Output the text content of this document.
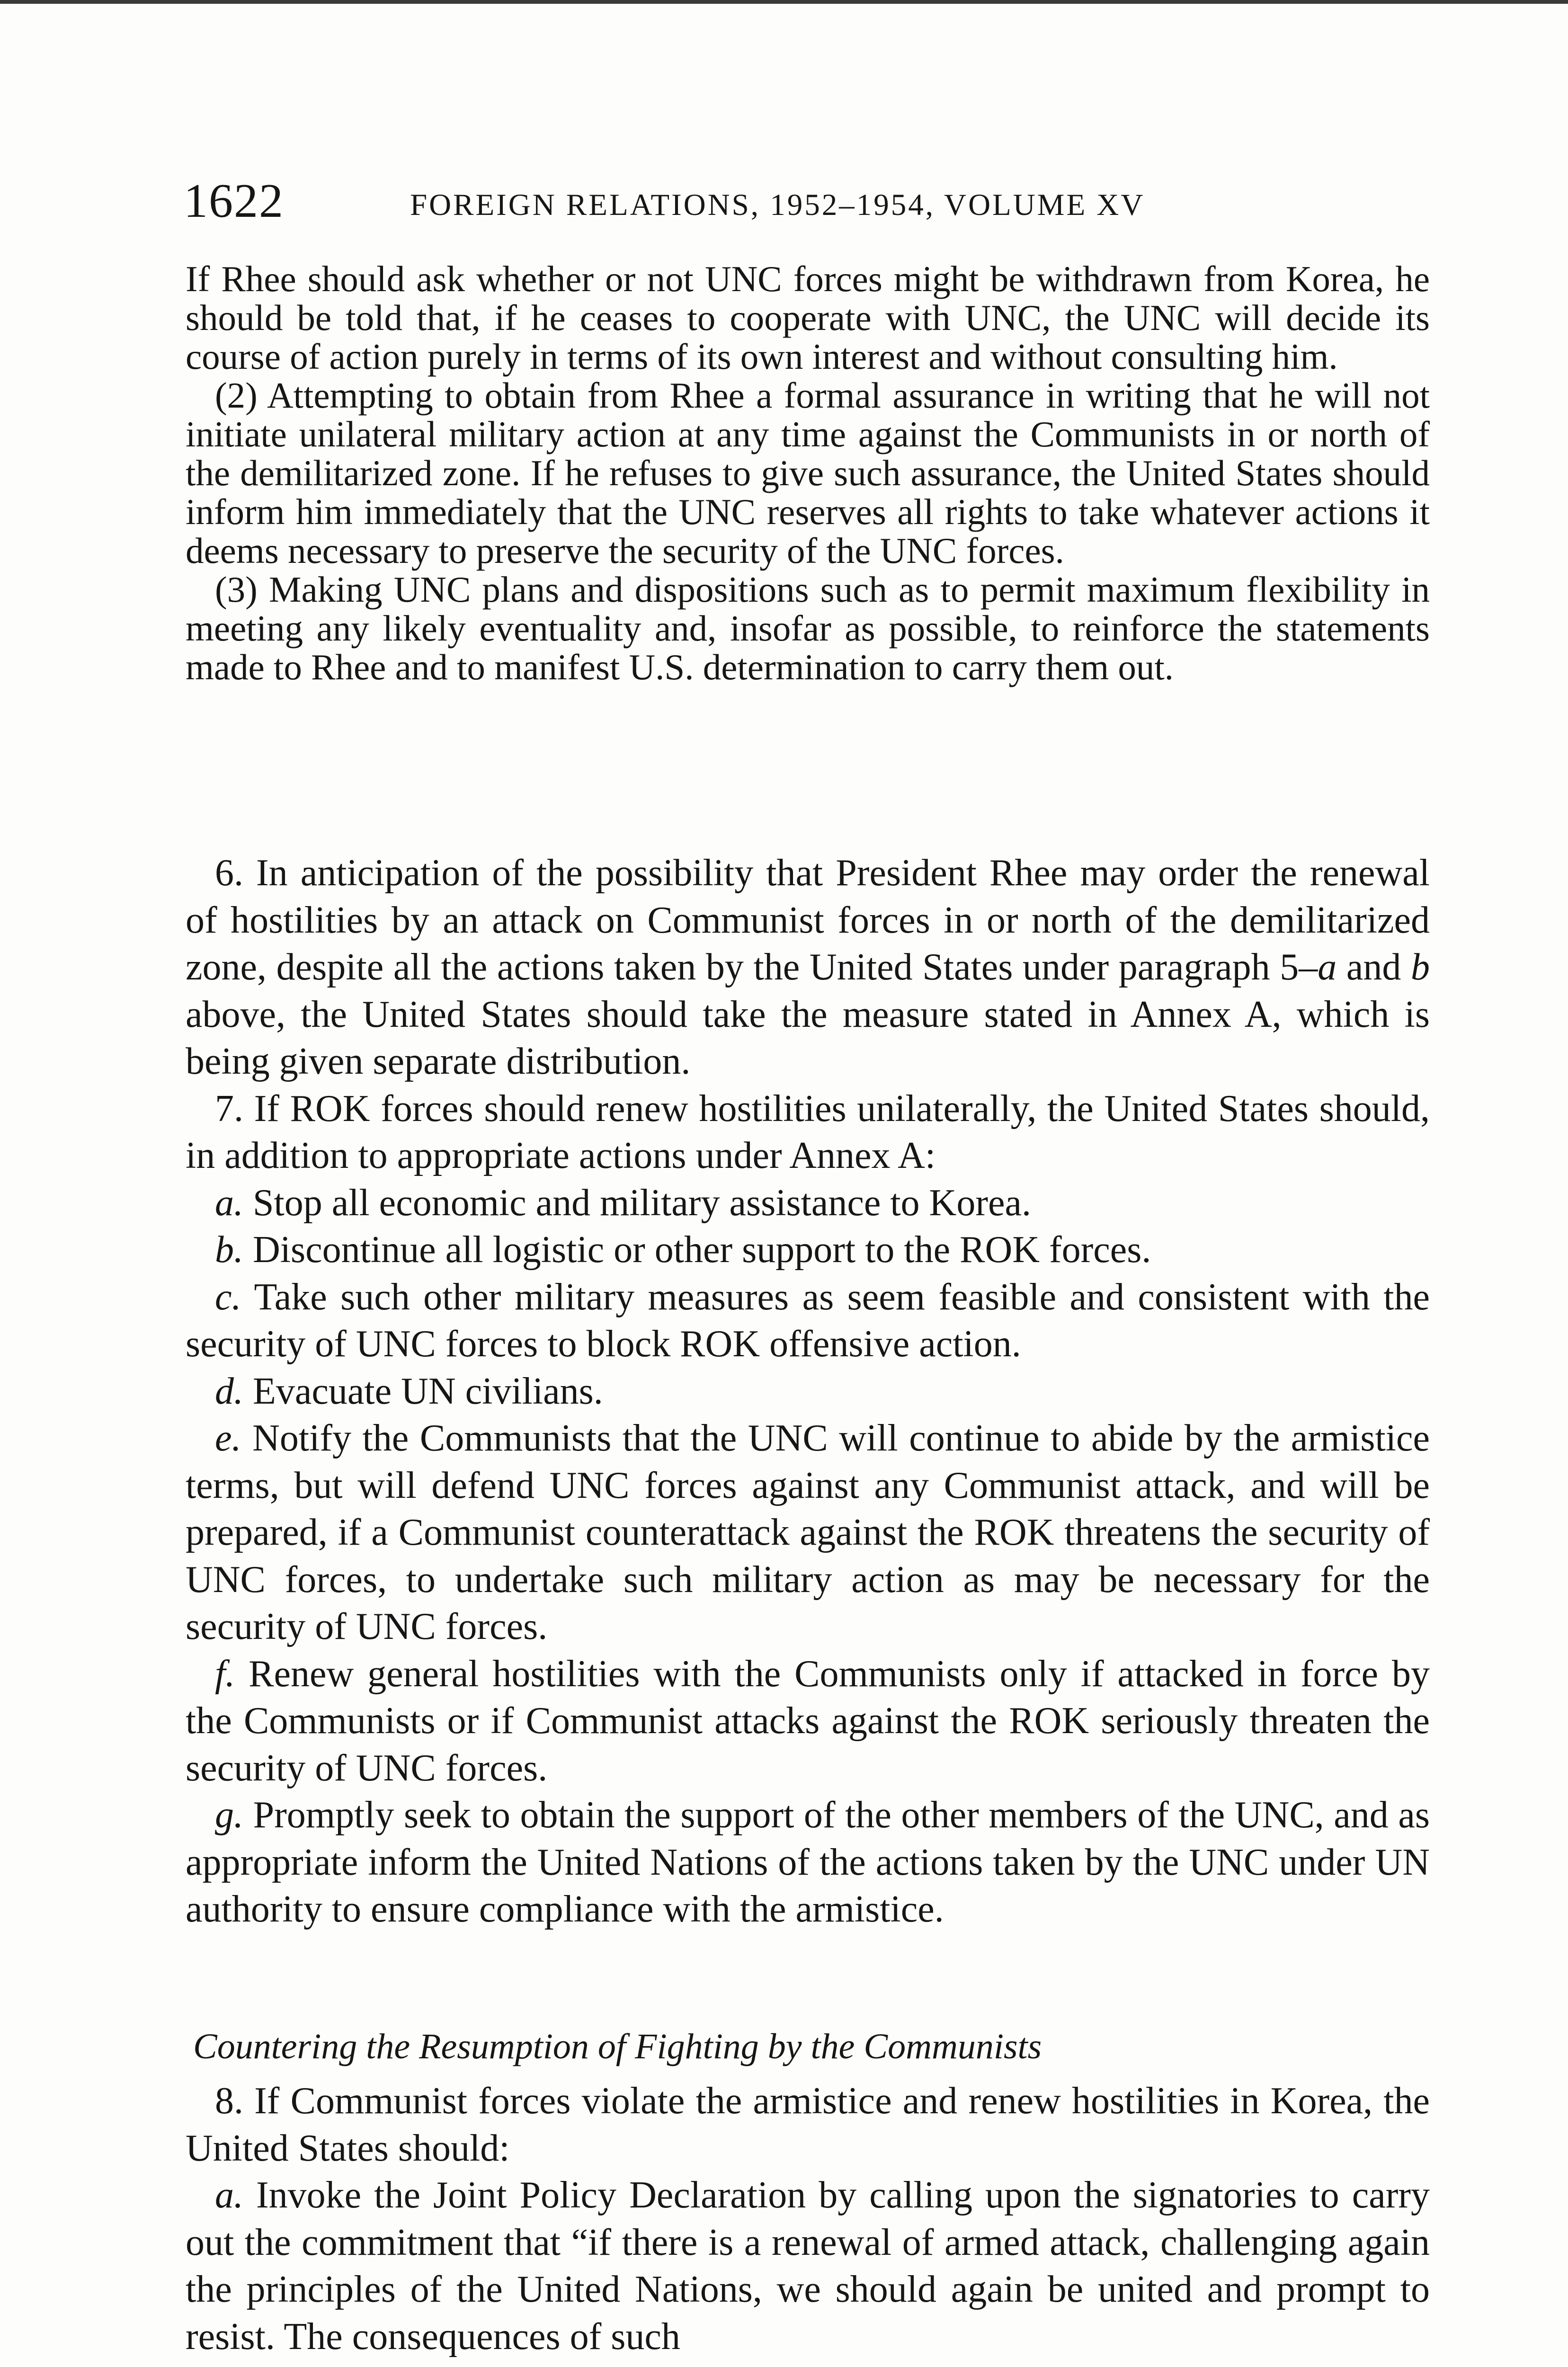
1622	FOREIGN RELATIONS, 1952–1954, VOLUME XV

If Rhee should ask whether or not UNC forces might be withdrawn from Korea, he should be told that, if he ceases to cooperate with UNC, the UNC will decide its course of action purely in terms of its own interest and without consulting him.

(2) Attempting to obtain from Rhee a formal assurance in writing that he will not initiate unilateral military action at any time against the Communists in or north of the demilitarized zone. If he refuses to give such assurance, the United States should inform him immediately that the UNC reserves all rights to take whatever actions it deems necessary to preserve the security of the UNC forces.

(3) Making UNC plans and dispositions such as to permit maximum flexibility in meeting any likely eventuality and, insofar as possible, to reinforce the statements made to Rhee and to manifest U.S. determination to carry them out.

6. In anticipation of the possibility that President Rhee may order the renewal of hostilities by an attack on Communist forces in or north of the demilitarized zone, despite all the actions taken by the United States under paragraph 5–a and b above, the United States should take the measure stated in Annex A, which is being given separate distribution.

7. If ROK forces should renew hostilities unilaterally, the United States should, in addition to appropriate actions under Annex A:

a. Stop all economic and military assistance to Korea.

b. Discontinue all logistic or other support to the ROK forces.

c. Take such other military measures as seem feasible and consistent with the security of UNC forces to block ROK offensive action.

d. Evacuate UN civilians.

e. Notify the Communists that the UNC will continue to abide by the armistice terms, but will defend UNC forces against any Communist attack, and will be prepared, if a Communist counterattack against the ROK threatens the security of UNC forces, to undertake such military action as may be necessary for the security of UNC forces.

f. Renew general hostilities with the Communists only if attacked in force by the Communists or if Communist attacks against the ROK seriously threaten the security of UNC forces.

g. Promptly seek to obtain the support of the other members of the UNC, and as appropriate inform the United Nations of the actions taken by the UNC under UN authority to ensure compliance with the armistice.

Countering the Resumption of Fighting by the Communists

8. If Communist forces violate the armistice and renew hostilities in Korea, the United States should:

a. Invoke the Joint Policy Declaration by calling upon the signatories to carry out the commitment that “if there is a renewal of armed attack, challenging again the principles of the United Nations, we should again be united and prompt to resist. The consequences of such
